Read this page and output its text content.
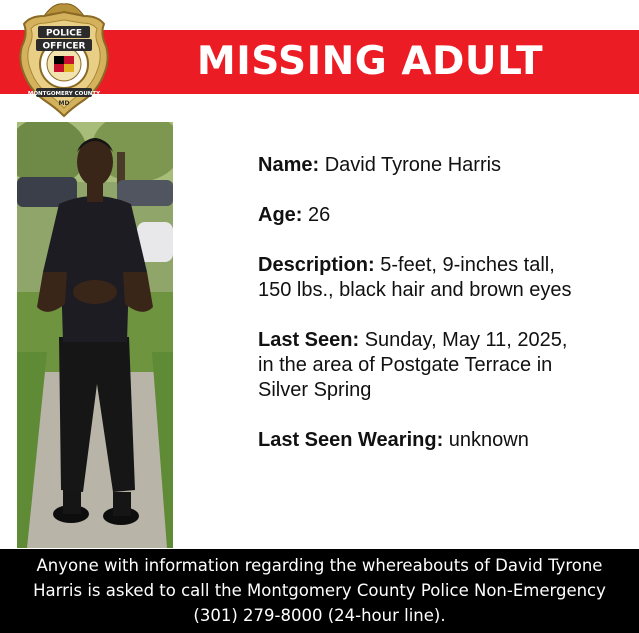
MISSING ADULT
POLICE
OFFICER
MONTGOMERY COUNTY
MD

Name: David Tyrone Harris

Age: 26

Description: 5-feet, 9-inches tall,
150 lbs., black hair and brown eyes

Last Seen: Sunday, May 11, 2025,
in the area of Postgate Terrace in
Silver Spring

Last Seen Wearing: unknown

Anyone with information regarding the whereabouts of David Tyrone
Harris is asked to call the Montgomery County Police Non-Emergency
(301) 279-8000 (24-hour line).
